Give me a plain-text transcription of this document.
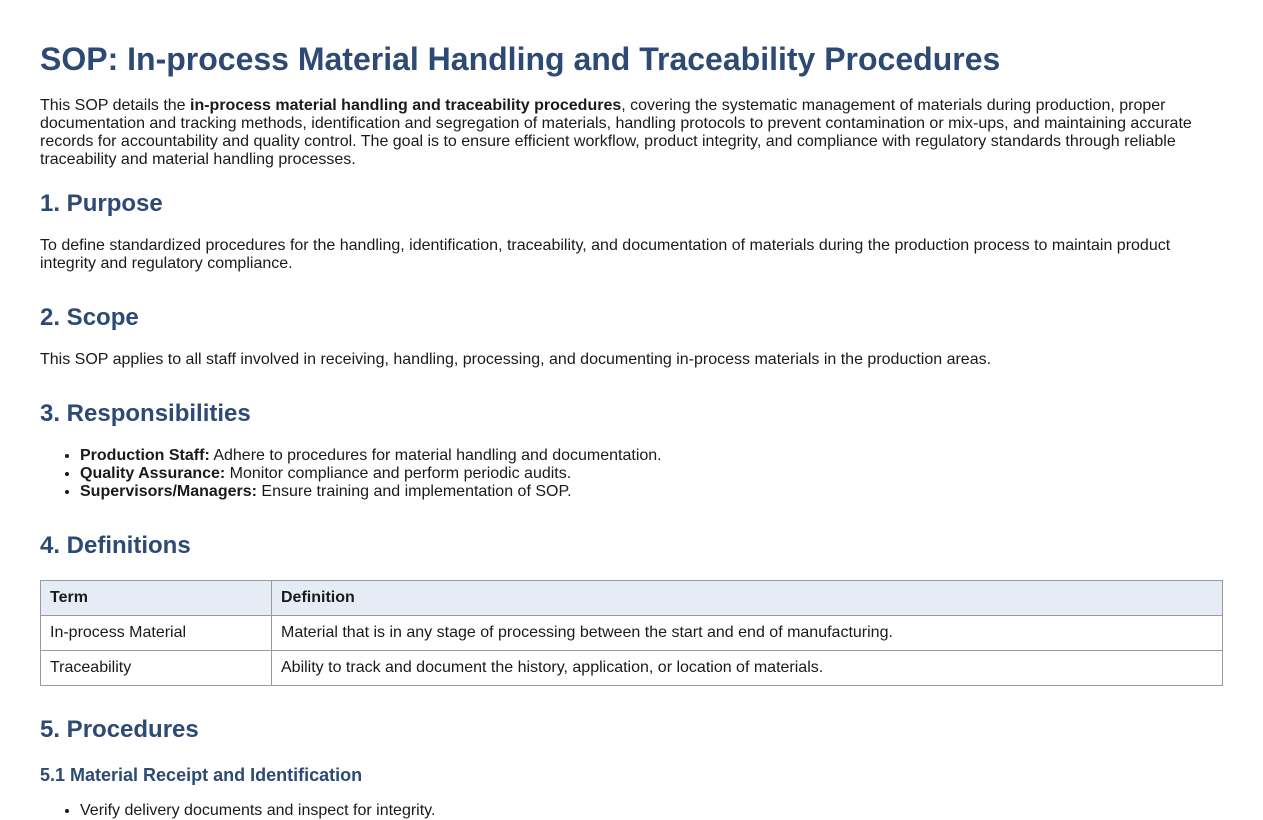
SOP: In-process Material Handling and Traceability Procedures
This SOP details the in-process material handling and traceability procedures, covering the systematic management of materials during production, proper documentation and tracking methods, identification and segregation of materials, handling protocols to prevent contamination or mix-ups, and maintaining accurate records for accountability and quality control. The goal is to ensure efficient workflow, product integrity, and compliance with regulatory standards through reliable traceability and material handling processes.
1. Purpose
To define standardized procedures for the handling, identification, traceability, and documentation of materials during the production process to maintain product integrity and regulatory compliance.
2. Scope
This SOP applies to all staff involved in receiving, handling, processing, and documenting in-process materials in the production areas.
3. Responsibilities
• Production Staff: Adhere to procedures for material handling and documentation.
• Quality Assurance: Monitor compliance and perform periodic audits.
• Supervisors/Managers: Ensure training and implementation of SOP.
4. Definitions
Term	Definition
In-process Material	Material that is in any stage of processing between the start and end of manufacturing.
Traceability	Ability to track and document the history, application, or location of materials.
5. Procedures
5.1 Material Receipt and Identification
• Verify delivery documents and inspect for integrity.
